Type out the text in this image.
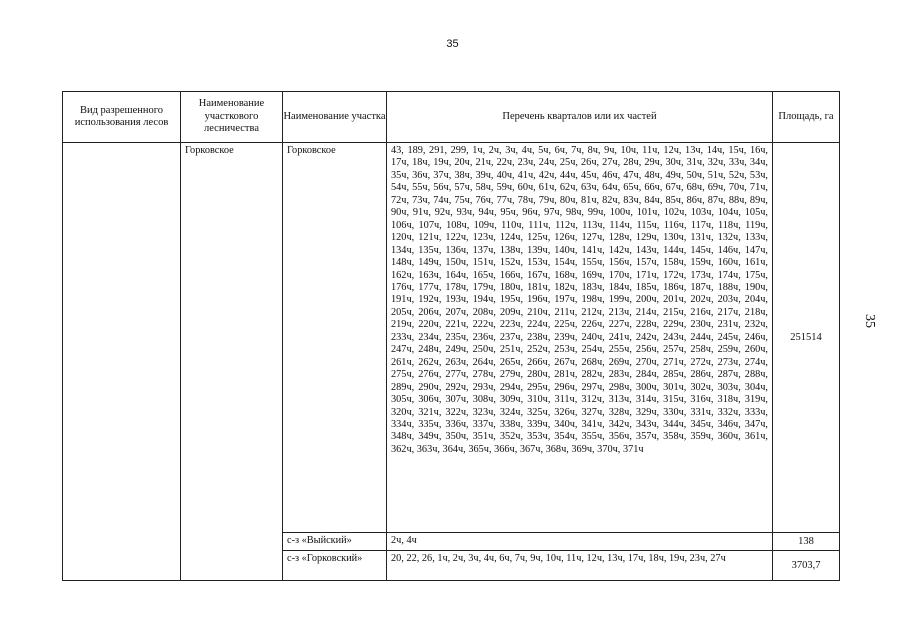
35
35
Вид разрешенного использования лесов	Наименование участкового лесничества	Наименование участка	Перечень кварталов или их частей	Площадь, га
	Горковское	Горковское	43, 189, 291, 299, 1ч, 2ч, 3ч, 4ч, 5ч, 6ч, 7ч, 8ч, 9ч, 10ч, 11ч, 12ч, 13ч, 14ч, 15ч, 16ч, 17ч, 18ч, 19ч, 20ч, 21ч, 22ч, 23ч, 24ч, 25ч, 26ч, 27ч, 28ч, 29ч, 30ч, 31ч, 32ч, 33ч, 34ч, 35ч, 36ч, 37ч, 38ч, 39ч, 40ч, 41ч, 42ч, 44ч, 45ч, 46ч, 47ч, 48ч, 49ч, 50ч, 51ч, 52ч, 53ч, 54ч, 55ч, 56ч, 57ч, 58ч, 59ч, 60ч, 61ч, 62ч, 63ч, 64ч, 65ч, 66ч, 67ч, 68ч, 69ч, 70ч, 71ч, 72ч, 73ч, 74ч, 75ч, 76ч, 77ч, 78ч, 79ч, 80ч, 81ч, 82ч, 83ч, 84ч, 85ч, 86ч, 87ч, 88ч, 89ч, 90ч, 91ч, 92ч, 93ч, 94ч, 95ч, 96ч, 97ч, 98ч, 99ч, 100ч, 101ч, 102ч, 103ч, 104ч, 105ч, 106ч, 107ч, 108ч, 109ч, 110ч, 111ч, 112ч, 113ч, 114ч, 115ч, 116ч, 117ч, 118ч, 119ч, 120ч, 121ч, 122ч, 123ч, 124ч, 125ч, 126ч, 127ч, 128ч, 129ч, 130ч, 131ч, 132ч, 133ч, 134ч, 135ч, 136ч, 137ч, 138ч, 139ч, 140ч, 141ч, 142ч, 143ч, 144ч, 145ч, 146ч, 147ч, 148ч, 149ч, 150ч, 151ч, 152ч, 153ч, 154ч, 155ч, 156ч, 157ч, 158ч, 159ч, 160ч, 161ч, 162ч, 163ч, 164ч, 165ч, 166ч, 167ч, 168ч, 169ч, 170ч, 171ч, 172ч, 173ч, 174ч, 175ч, 176ч, 177ч, 178ч, 179ч, 180ч, 181ч, 182ч, 183ч, 184ч, 185ч, 186ч, 187ч, 188ч, 190ч, 191ч, 192ч, 193ч, 194ч, 195ч, 196ч, 197ч, 198ч, 199ч, 200ч, 201ч, 202ч, 203ч, 204ч, 205ч, 206ч, 207ч, 208ч, 209ч, 210ч, 211ч, 212ч, 213ч, 214ч, 215ч, 216ч, 217ч, 218ч, 219ч, 220ч, 221ч, 222ч, 223ч, 224ч, 225ч, 226ч, 227ч, 228ч, 229ч, 230ч, 231ч, 232ч, 233ч, 234ч, 235ч, 236ч, 237ч, 238ч, 239ч, 240ч, 241ч, 242ч, 243ч, 244ч, 245ч, 246ч, 247ч, 248ч, 249ч, 250ч, 251ч, 252ч, 253ч, 254ч, 255ч, 256ч, 257ч, 258ч, 259ч, 260ч, 261ч, 262ч, 263ч, 264ч, 265ч, 266ч, 267ч, 268ч, 269ч, 270ч, 271ч, 272ч, 273ч, 274ч, 275ч, 276ч, 277ч, 278ч, 279ч, 280ч, 281ч, 282ч, 283ч, 284ч, 285ч, 286ч, 287ч, 288ч, 289ч, 290ч, 292ч, 293ч, 294ч, 295ч, 296ч, 297ч, 298ч, 300ч, 301ч, 302ч, 303ч, 304ч, 305ч, 306ч, 307ч, 308ч, 309ч, 310ч, 311ч, 312ч, 313ч, 314ч, 315ч, 316ч, 318ч, 319ч, 320ч, 321ч, 322ч, 323ч, 324ч, 325ч, 326ч, 327ч, 328ч, 329ч, 330ч, 331ч, 332ч, 333ч, 334ч, 335ч, 336ч, 337ч, 338ч, 339ч, 340ч, 341ч, 342ч, 343ч, 344ч, 345ч, 346ч, 347ч, 348ч, 349ч, 350ч, 351ч, 352ч, 353ч, 354ч, 355ч, 356ч, 357ч, 358ч, 359ч, 360ч, 361ч, 362ч, 363ч, 364ч, 365ч, 366ч, 367ч, 368ч, 369ч, 370ч, 371ч	251514
		с-з «Выйский»	2ч, 4ч	138
		с-з «Горковский»	20, 22, 26, 1ч, 2ч, 3ч, 4ч, 6ч, 7ч, 9ч, 10ч, 11ч, 12ч, 13ч, 17ч, 18ч, 19ч, 23ч, 27ч	3703,7
